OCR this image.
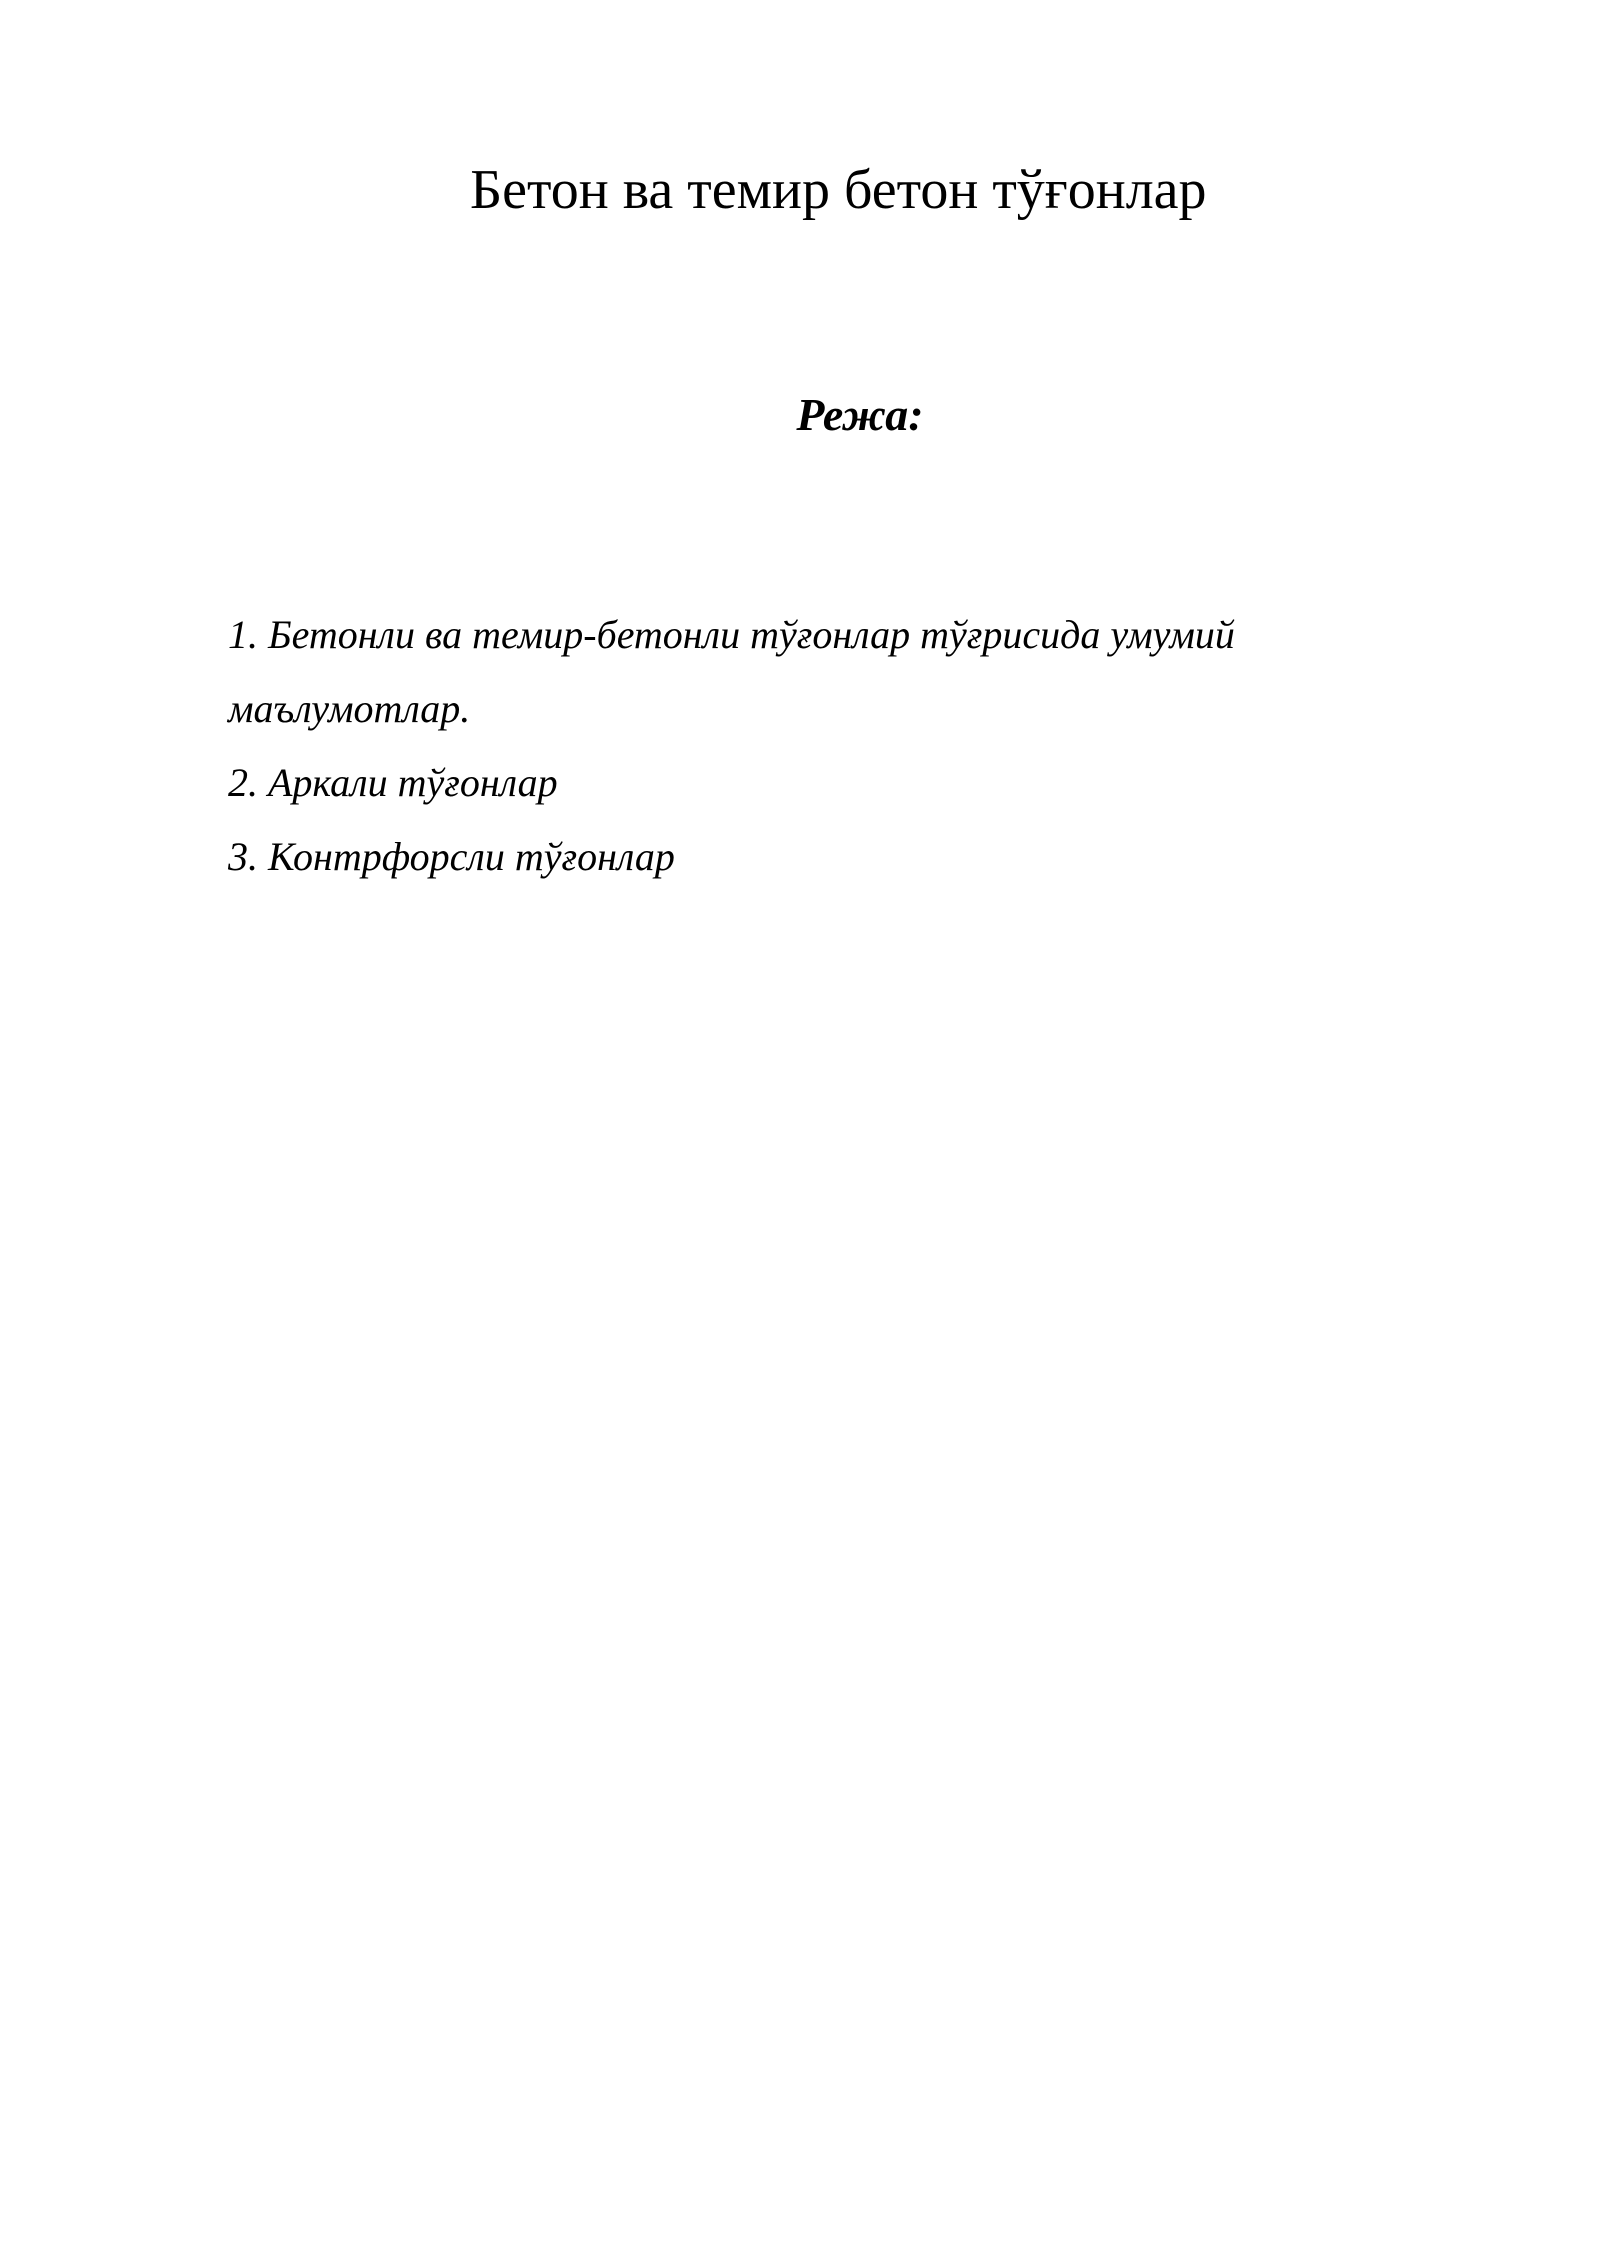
Бетон ва темир бетон тўғонлар
Режа:
1. Бетонли ва темир-бетонли тўғонлар тўғрисида умумий
маълумотлар.
2. Аркали тўғонлар
3. Контрфорсли тўғонлар
